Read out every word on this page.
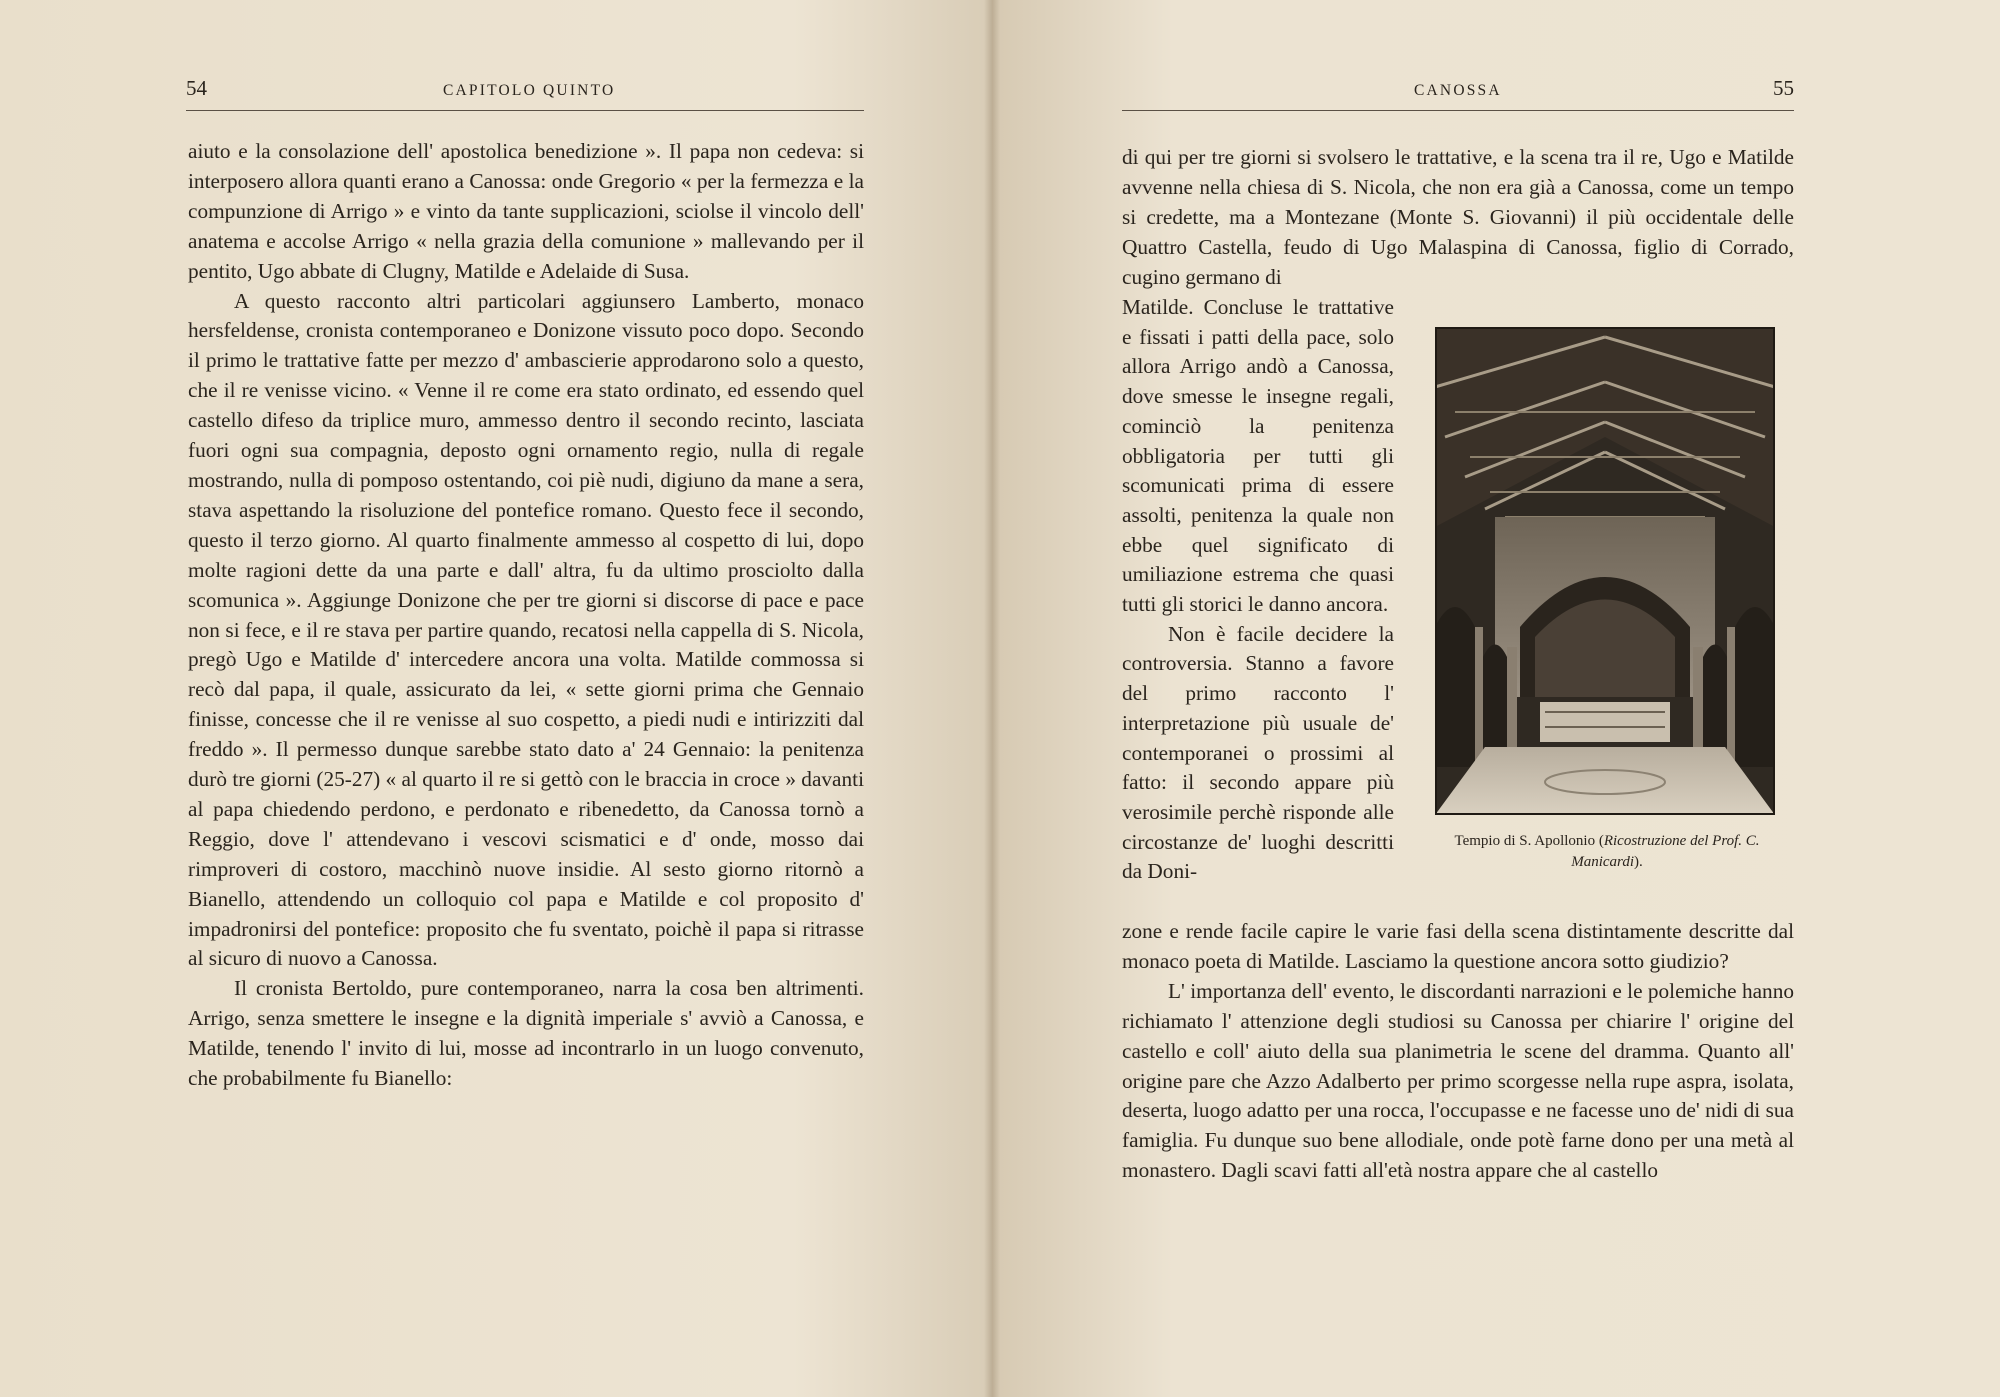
54	CAPITOLO QUINTO

aiuto e la consolazione dell' apostolica benedizione ». Il papa non cedeva: si interposero allora quanti erano a Canossa: onde Gregorio « per la fermezza e la compunzione di Arrigo » e vinto da tante supplicazioni, sciolse il vincolo dell' anatema e accolse Arrigo « nella grazia della comunione » mallevando per il pentito, Ugo abbate di Clugny, Matilde e Adelaide di Susa.

A questo racconto altri particolari aggiunsero Lamberto, monaco hersfeldense, cronista contemporaneo e Donizone vissuto poco dopo. Secondo il primo le trattative fatte per mezzo d' ambascierie approdarono solo a questo, che il re venisse vicino. « Venne il re come era stato ordinato, ed essendo quel castello difeso da triplice muro, ammesso dentro il secondo recinto, lasciata fuori ogni sua compagnia, deposto ogni ornamento regio, nulla di regale mostrando, nulla di pomposo ostentando, coi piè nudi, digiuno da mane a sera, stava aspettando la risoluzione del pontefice romano. Questo fece il secondo, questo il terzo giorno. Al quarto finalmente ammesso al cospetto di lui, dopo molte ragioni dette da una parte e dall' altra, fu da ultimo prosciolto dalla scomunica ». Aggiunge Donizone che per tre giorni si discorse di pace e pace non si fece, e il re stava per partire quando, recatosi nella cappella di S. Nicola, pregò Ugo e Matilde d' intercedere ancora una volta. Matilde commossa si recò dal papa, il quale, assicurato da lei, « sette giorni prima che Gennaio finisse, concesse che il re venisse al suo cospetto, a piedi nudi e intirizziti dal freddo ». Il permesso dunque sarebbe stato dato a' 24 Gennaio: la penitenza durò tre giorni (25-27) « al quarto il re si gettò con le braccia in croce » davanti al papa chiedendo perdono, e perdonato e ribenedetto, da Canossa tornò a Reggio, dove l' attendevano i vescovi scismatici e d' onde, mosso dai rimproveri di costoro, macchinò nuove insidie. Al sesto giorno ritornò a Bianello, attendendo un colloquio col papa e Matilde e col proposito d' impadronirsi del pontefice: proposito che fu sventato, poichè il papa si ritrasse al sicuro di nuovo a Canossa.

Il cronista Bertoldo, pure contemporaneo, narra la cosa ben altrimenti. Arrigo, senza smettere le insegne e la dignità imperiale s' avviò a Canossa, e Matilde, tenendo l' invito di lui, mosse ad incontrarlo in un luogo convenuto, che probabilmente fu Bianello:

CANOSSA	55

di qui per tre giorni si svolsero le trattative, e la scena tra il re, Ugo e Matilde avvenne nella chiesa di S. Nicola, che non era già a Canossa, come un tempo si credette, ma a Montezane (Monte S. Giovanni) il più occidentale delle Quattro Castella, feudo di Ugo Malaspina di Canossa, figlio di Corrado, cugino germano di

Matilde. Concluse le trattative e fissati i patti della pace, solo allora Arrigo andò a Canossa, dove smesse le insegne regali, cominciò la penitenza obbligatoria per tutti gli scomunicati prima di essere assolti, penitenza la quale non ebbe quel significato di umiliazione estrema che quasi tutti gli storici le danno ancora.

Non è facile decidere la controversia. Stanno a favore del primo racconto l' interpretazione più usuale de' contemporanei o prossimi al fatto: il secondo appare più verosimile perchè risponde alle circostanze de' luoghi descritti da Doni-

Tempio di S. Apollonio (Ricostruzione del Prof. C. Manicardi).

zone e rende facile capire le varie fasi della scena distintamente descritte dal monaco poeta di Matilde. Lasciamo la questione ancora sotto giudizio?

L' importanza dell' evento, le discordanti narrazioni e le polemiche hanno richiamato l' attenzione degli studiosi su Canossa per chiarire l' origine del castello e coll' aiuto della sua planimetria le scene del dramma. Quanto all' origine pare che Azzo Adalberto per primo scorgesse nella rupe aspra, isolata, deserta, luogo adatto per una rocca, l'occupasse e ne facesse uno de' nidi di sua famiglia. Fu dunque suo bene allodiale, onde potè farne dono per una metà al monastero. Dagli scavi fatti all'età nostra appare che al castello
